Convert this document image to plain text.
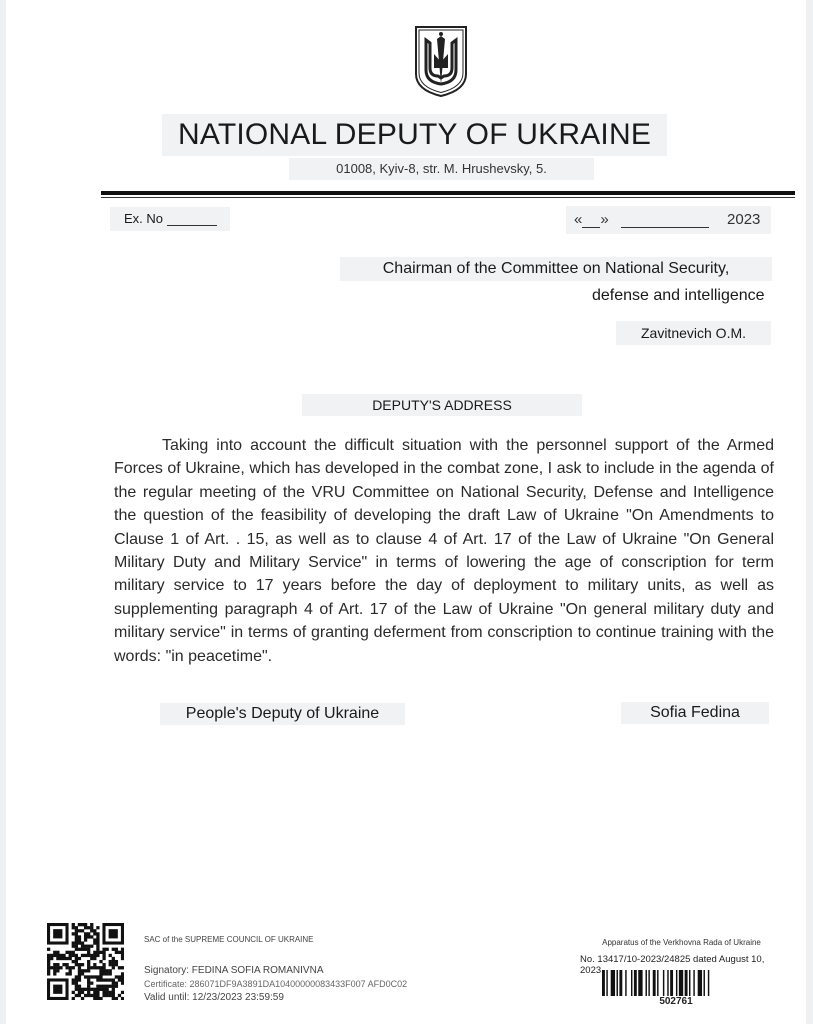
NATIONAL DEPUTY OF UKRAINE
01008, Kyiv-8, str. M. Hrushevsky, 5.
Ex. No	« »	2023
Chairman of the Committee on National Security,
defense and intelligence
Zavitnevich O.M.
DEPUTY'S ADDRESS

Taking into account the difficult situation with the personnel support of the Armed Forces of Ukraine, which has developed in the combat zone, I ask to include in the agenda of the regular meeting of the VRU Committee on National Security, Defense and Intelligence the question of the feasibility of developing the draft Law of Ukraine "On Amendments to Clause 1 of Art. . 15, as well as to clause 4 of Art. 17 of the Law of Ukraine "On General Military Duty and Military Service" in terms of lowering the age of conscription for term military service to 17 years before the day of deployment to military units, as well as supplementing paragraph 4 of Art. 17 of the Law of Ukraine "On general military duty and military service" in terms of granting deferment from conscription to continue training with the words: "in peacetime".

People's Deputy of Ukraine	Sofia Fedina
SAC of the SUPREME COUNCIL OF UKRAINE
Signatory: FEDINA SOFIA ROMANIVNA
Certificate: 286071DF9A3891DA10400000083433F007 AFD0C02
Valid until: 12/23/2023 23:59:59
Apparatus of the Verkhovna Rada of Ukraine
No. 13417/10-2023/24825 dated August 10, 2023
502761
